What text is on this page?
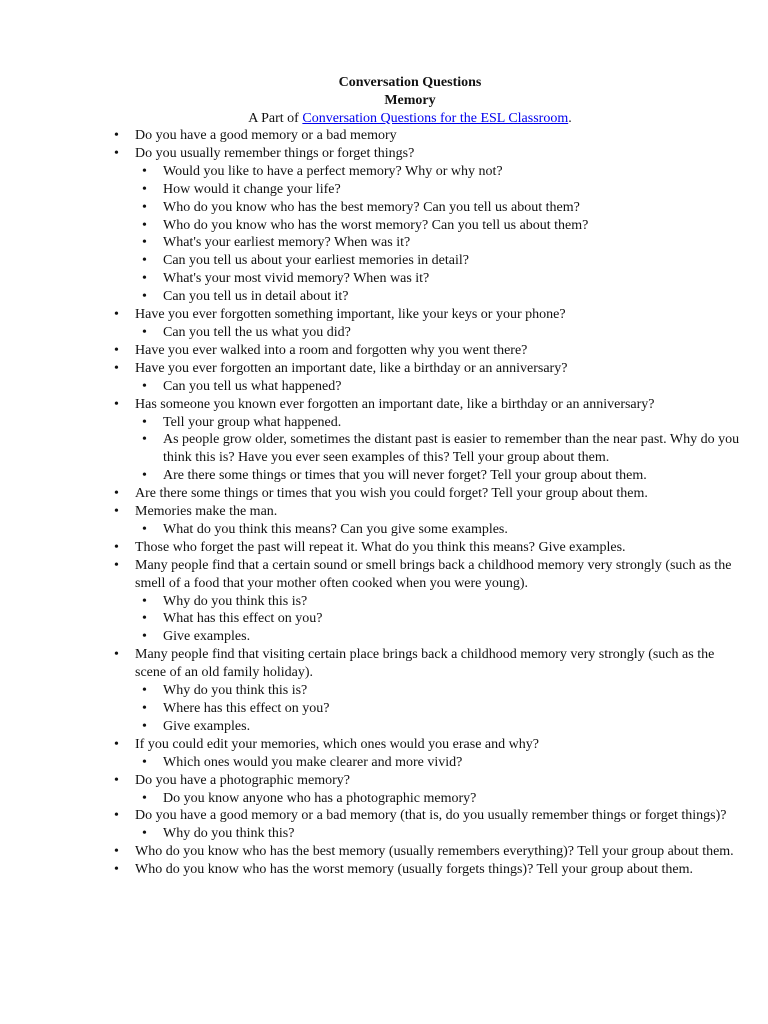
Conversation Questions
Memory
A Part of Conversation Questions for the ESL Classroom.
• Do you have a good memory or a bad memory
• Do you usually remember things or forget things?
• Would you like to have a perfect memory? Why or why not?
• How would it change your life?
• Who do you know who has the best memory? Can you tell us about them?
• Who do you know who has the worst memory? Can you tell us about them?
• What's your earliest memory? When was it?
• Can you tell us about your earliest memories in detail?
• What's your most vivid memory? When was it?
• Can you tell us in detail about it?
• Have you ever forgotten something important, like your keys or your phone?
• Can you tell the us what you did?
• Have you ever walked into a room and forgotten why you went there?
• Have you ever forgotten an important date, like a birthday or an anniversary?
• Can you tell us what happened?
• Has someone you known ever forgotten an important date, like a birthday or an anniversary?
• Tell your group what happened.
• As people grow older, sometimes the distant past is easier to remember than the near past. Why do you think this is? Have you ever seen examples of this? Tell your group about them.
• Are there some things or times that you will never forget? Tell your group about them.
• Are there some things or times that you wish you could forget? Tell your group about them.
• Memories make the man.
• What do you think this means? Can you give some examples.
• Those who forget the past will repeat it. What do you think this means? Give examples.
• Many people find that a certain sound or smell brings back a childhood memory very strongly (such as the smell of a food that your mother often cooked when you were young).
• Why do you think this is?
• What has this effect on you?
• Give examples.
• Many people find that visiting certain place brings back a childhood memory very strongly (such as the scene of an old family holiday).
• Why do you think this is?
• Where has this effect on you?
• Give examples.
• If you could edit your memories, which ones would you erase and why?
• Which ones would you make clearer and more vivid?
• Do you have a photographic memory?
• Do you know anyone who has a photographic memory?
• Do you have a good memory or a bad memory (that is, do you usually remember things or forget things)?
• Why do you think this?
• Who do you know who has the best memory (usually remembers everything)? Tell your group about them.
• Who do you know who has the worst memory (usually forgets things)? Tell your group about them.
